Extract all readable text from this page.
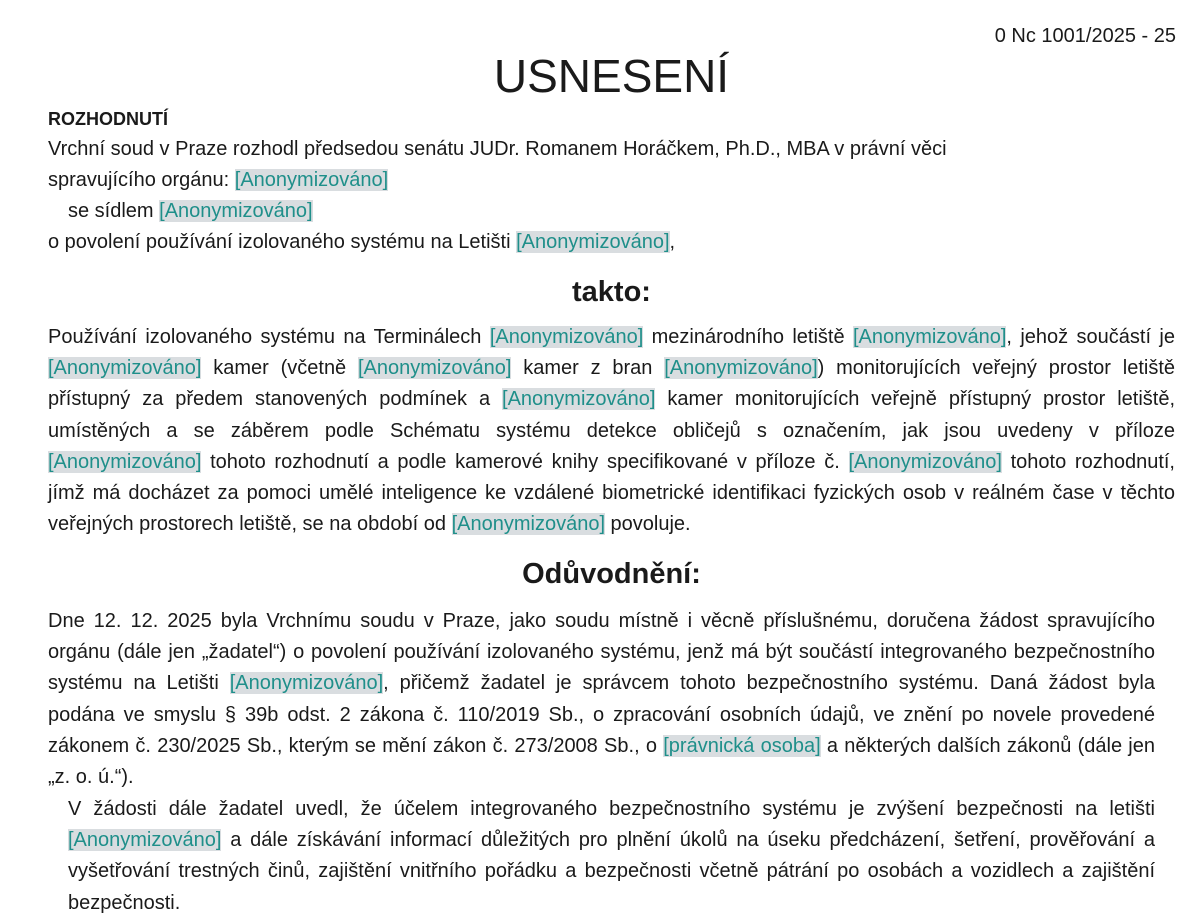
0 Nc 1001/2025 - 25
USNESENÍ
ROZHODNUTÍ
Vrchní soud v Praze rozhodl předsedou senátu JUDr. Romanem Horáčkem, Ph.D., MBA v právní věci
spravujícího orgánu: [Anonymizováno]
se sídlem [Anonymizováno]
o povolení používání izolovaného systému na Letišti [Anonymizováno],
takto:

Používání izolovaného systému na Terminálech [Anonymizováno] mezinárodního letiště [Anonymizováno], jehož součástí je [Anonymizováno] kamer (včetně [Anonymizováno] kamer z bran [Anonymizováno]) monitorujících veřejný prostor letiště přístupný za předem stanovených podmínek a [Anonymizováno] kamer monitorujících veřejně přístupný prostor letiště, umístěných a se záběrem podle Schématu systému detekce obličejů s označením, jak jsou uvedeny v příloze [Anonymizováno] tohoto rozhodnutí a podle kamerové knihy specifikované v příloze č. [Anonymizováno] tohoto rozhodnutí, jímž má docházet za pomoci umělé inteligence ke vzdálené biometrické identifikaci fyzických osob v reálném čase v těchto veřejných prostorech letiště, se na období od [Anonymizováno] povoluje.

Odůvodnění:

Dne 12. 12. 2025 byla Vrchnímu soudu v Praze, jako soudu místně i věcně příslušnému, doručena žádost spravujícího orgánu (dále jen „žadatel“) o povolení používání izolovaného systému, jenž má být součástí integrovaného bezpečnostního systému na Letišti [Anonymizováno], přičemž žadatel je správcem tohoto bezpečnostního systému. Daná žádost byla podána ve smyslu § 39b odst. 2 zákona č. 110/2019 Sb., o zpracování osobních údajů, ve znění po novele provedené zákonem č. 230/2025 Sb., kterým se mění zákon č. 273/2008 Sb., o [právnická osoba] a některých dalších zákonů (dále jen „z. o. ú.“).

V žádosti dále žadatel uvedl, že účelem integrovaného bezpečnostního systému je zvýšení bezpečnosti na letišti [Anonymizováno] a dále získávání informací důležitých pro plnění úkolů na úseku předcházení, šetření, prověřování a vyšetřování trestných činů, zajištění vnitřního pořádku a bezpečnosti včetně pátrání po osobách a vozidlech a zajištění bezpečnosti.
